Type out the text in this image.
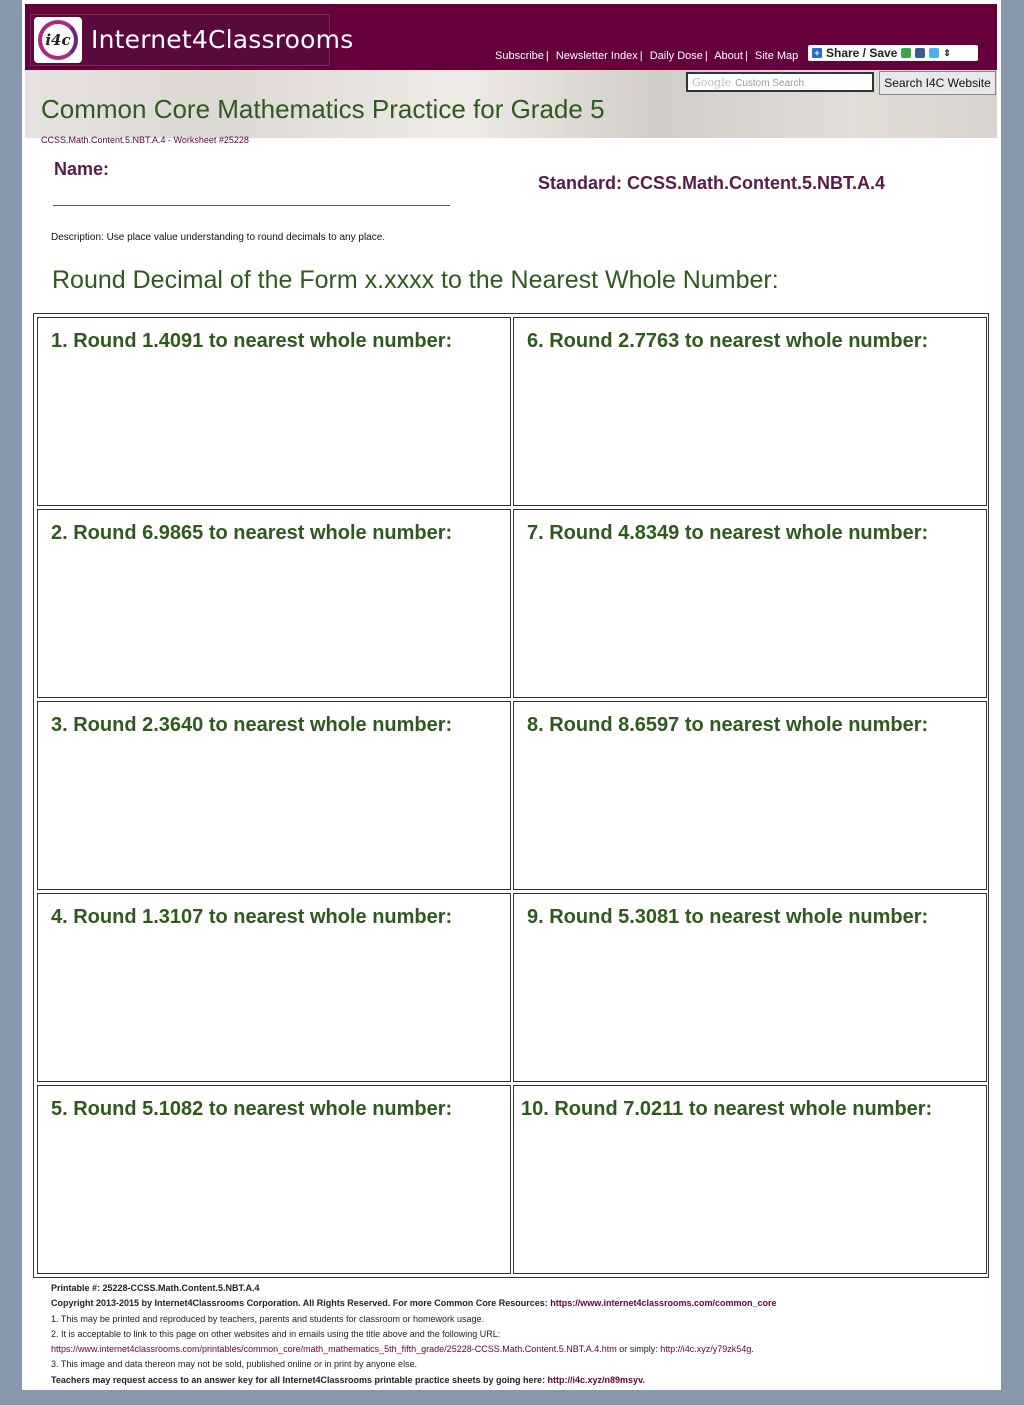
i4c Internet4Classrooms
Subscribe | Newsletter Index | Daily Dose | About | Site Map + Share / Save	⇕
Common Core Mathematics Practice for Grade 5
Google Custom Search	Search I4C Website
CCSS.Math.Content.5.NBT.A.4 - Worksheet #25228
Name:
Standard: CCSS.Math.Content.5.NBT.A.4
Description: Use place value understanding to round decimals to any place.
Round Decimal of the Form x.xxxx to the Nearest Whole Number:
1. Round 1.4091 to nearest whole number:	6. Round 2.7763 to nearest whole number:
2. Round 6.9865 to nearest whole number:	7. Round 4.8349 to nearest whole number:
3. Round 2.3640 to nearest whole number:	8. Round 8.6597 to nearest whole number:
4. Round 1.3107 to nearest whole number:	9. Round 5.3081 to nearest whole number:
5. Round 5.1082 to nearest whole number:	10. Round 7.0211 to nearest whole number:
Printable #: 25228-CCSS.Math.Content.5.NBT.A.4
Copyright 2013-2015 by Internet4Classrooms Corporation. All Rights Reserved. For more Common Core Resources: https://www.internet4classrooms.com/common_core
1. This may be printed and reproduced by teachers, parents and students for classroom or homework usage.
2. It is acceptable to link to this page on other websites and in emails using the title above and the following URL:
https://www.internet4classrooms.com/printables/common_core/math_mathematics_5th_fifth_grade/25228-CCSS.Math.Content.5.NBT.A.4.htm or simply: http://i4c.xyz/y79zk54g.
3. This image and data thereon may not be sold, published online or in print by anyone else.
Teachers may request access to an answer key for all Internet4Classrooms printable practice sheets by going here: http://i4c.xyz/n89msyv.
